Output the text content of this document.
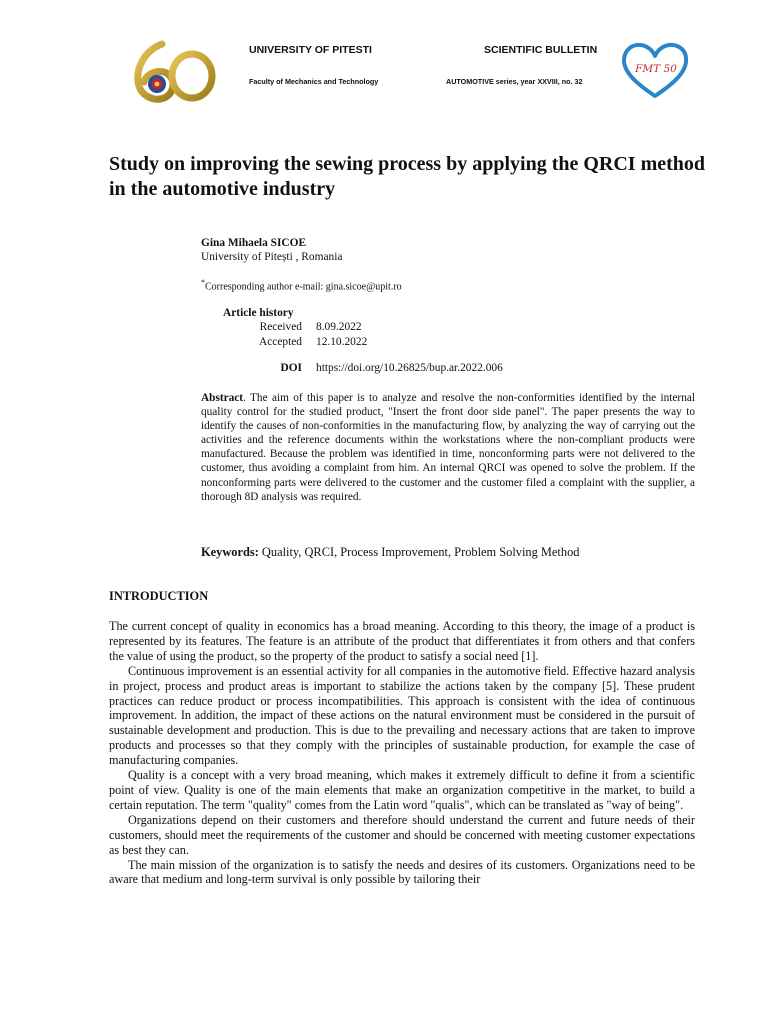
UNIVERSITY OF PITESTI	SCIENTIFIC BULLETIN
Faculty of Mechanics and Technology	AUTOMOTIVE series, year XXVIII, no. 32
FMT 50
Study on improving the sewing process by applying the QRCI method in the automotive industry
Gina Mihaela SICOE
University of Pitești , Romania
*Corresponding author e-mail: gina.sicoe@upit.ro
Article history
Received 8.09.2022
Accepted 12.10.2022
DOI https://doi.org/10.26825/bup.ar.2022.006

Abstract. The aim of this paper is to analyze and resolve the non-conformities identified by the internal quality control for the studied product, "Insert the front door side panel". The paper presents the way to identify the causes of non-conformities in the manufacturing flow, by analyzing the way of carrying out the activities and the reference documents within the workstations where the non-compliant products were manufactured. Because the problem was identified in time, nonconforming parts were not delivered to the customer, thus avoiding a complaint from him. An internal QRCI was opened to solve the problem. If the nonconforming parts were delivered to the customer and the customer filed a complaint with the supplier, a thorough 8D analysis was required.

Keywords: Quality, QRCI, Process Improvement, Problem Solving Method
INTRODUCTION

The current concept of quality in economics has a broad meaning. According to this theory, the image of a product is represented by its features. The feature is an attribute of the product that differentiates it from others and that confers the value of using the product, so the property of the product to satisfy a social need [1].

Continuous improvement is an essential activity for all companies in the automotive field. Effective hazard analysis in project, process and product areas is important to stabilize the actions taken by the company [5]. These prudent practices can reduce product or process incompatibilities. This approach is consistent with the idea of continuous improvement. In addition, the impact of these actions on the natural environment must be considered in the pursuit of sustainable development and production. This is due to the prevailing and necessary actions that are taken to improve products and processes so that they comply with the principles of sustainable production, for example the case of manufacturing companies.

Quality is a concept with a very broad meaning, which makes it extremely difficult to define it from a scientific point of view. Quality is one of the main elements that make an organization competitive in the market, to build a certain reputation. The term "quality" comes from the Latin word "qualis", which can be translated as "way of being".

Organizations depend on their customers and therefore should understand the current and future needs of their customers, should meet the requirements of the customer and should be concerned with meeting customer expectations as best they can.

The main mission of the organization is to satisfy the needs and desires of its customers. Organizations need to be aware that medium and long-term survival is only possible by tailoring their
